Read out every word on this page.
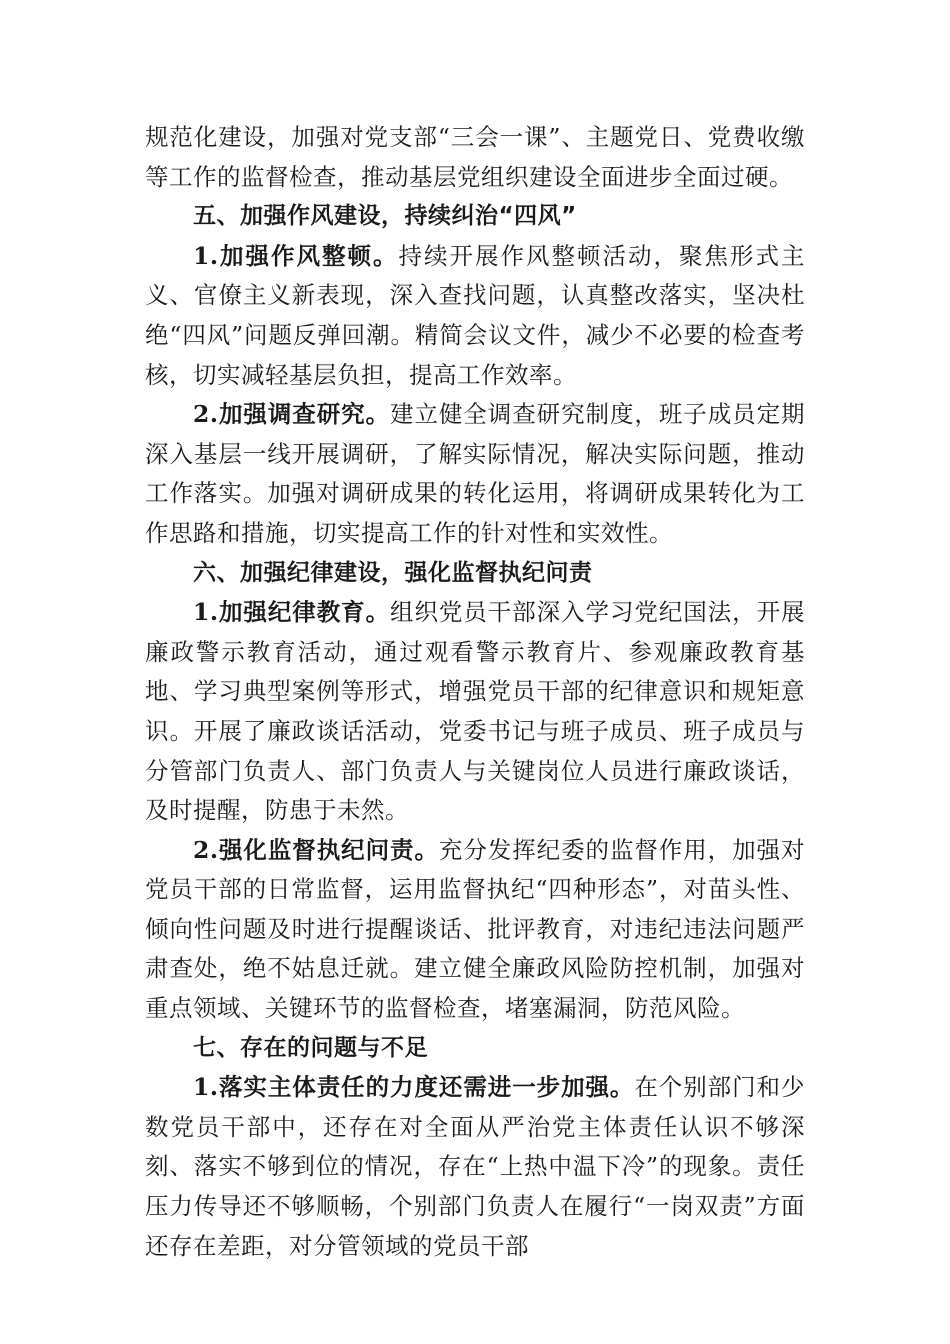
规范化建设，加强对党支部“三会一课”、主题党日、党费收缴等工作的监督检查，推动基层党组织建设全面进步全面过硬。

五、加强作风建设，持续纠治“四风”

1.加强作风整顿。持续开展作风整顿活动，聚焦形式主义、官僚主义新表现，深入查找问题，认真整改落实，坚决杜绝“四风”问题反弹回潮。精简会议文件，减少不必要的检查考核，切实减轻基层负担，提高工作效率。

2.加强调查研究。建立健全调查研究制度，班子成员定期深入基层一线开展调研，了解实际情况，解决实际问题，推动工作落实。加强对调研成果的转化运用，将调研成果转化为工作思路和措施，切实提高工作的针对性和实效性。

六、加强纪律建设，强化监督执纪问责

1.加强纪律教育。组织党员干部深入学习党纪国法，开展廉政警示教育活动，通过观看警示教育片、参观廉政教育基地、学习典型案例等形式，增强党员干部的纪律意识和规矩意识。开展了廉政谈话活动，党委书记与班子成员、班子成员与分管部门负责人、部门负责人与关键岗位人员进行廉政谈话，及时提醒，防患于未然。

2.强化监督执纪问责。充分发挥纪委的监督作用，加强对党员干部的日常监督，运用监督执纪“四种形态”，对苗头性、倾向性问题及时进行提醒谈话、批评教育，对违纪违法问题严肃查处，绝不姑息迁就。建立健全廉政风险防控机制，加强对重点领域、关键环节的监督检查，堵塞漏洞，防范风险。

七、存在的问题与不足

1.落实主体责任的力度还需进一步加强。在个别部门和少数党员干部中，还存在对全面从严治党主体责任认识不够深刻、落实不够到位的情况，存在“上热中温下冷”的现象。责任压力传导还不够顺畅，个别部门负责人在履行“一岗双责”方面还存在差距，对分管领域的党员干部
